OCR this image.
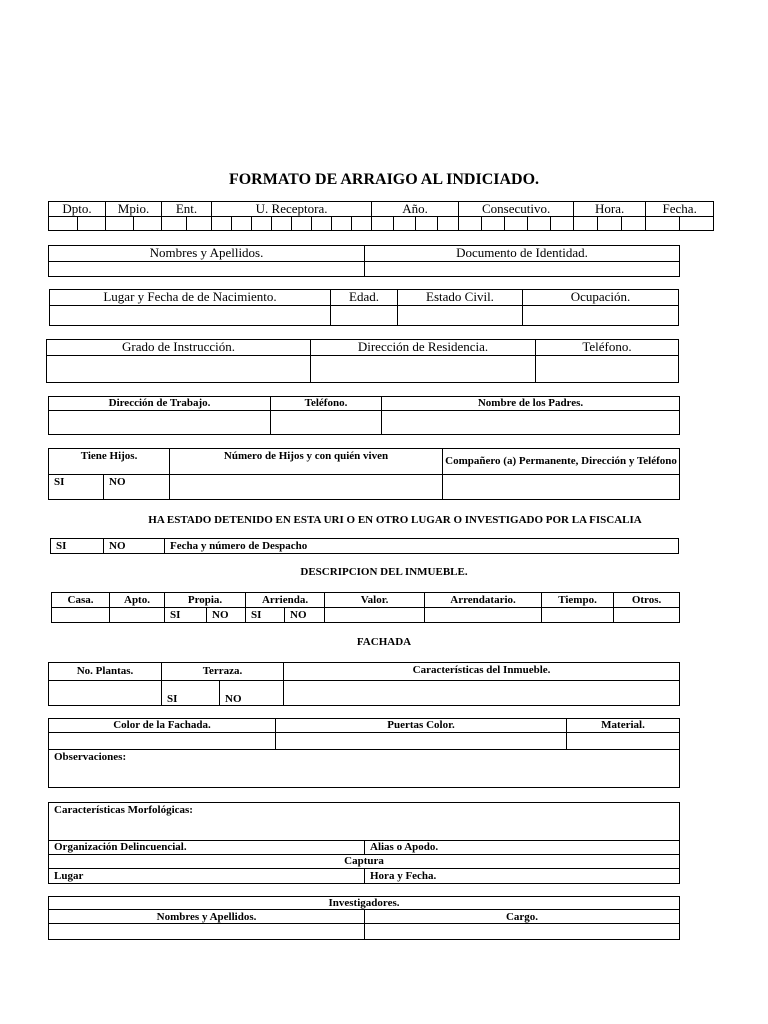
FORMATO DE ARRAIGO AL INDICIADO.
Dpto.		Mpio.		Ent.		U. Receptora.								Año.				Consecutivo.					Hora.			Fecha.	

Nombres y Apellidos.	Documento de Identidad.

Lugar y Fecha de de Nacimiento.	Edad.	Estado Civil.	Ocupación.

Grado de Instrucción.	Dirección de Residencia.	Teléfono.

Dirección de Trabajo.	Teléfono.	Nombre de los Padres.

Tiene Hijos.		Número de Hijos y con quién viven	Compañero (a) Permanente, Dirección y Teléfono
SI	NO		
HA ESTADO DETENIDO EN ESTA URI O EN OTRO LUGAR O INVESTIGADO POR LA FISCALIA
SI	NO	Fecha y número de Despacho
DESCRIPCION DEL INMUEBLE.
Casa.	Apto.	Propia.		Arrienda.		Valor.	Arrendatario.	Tiempo.	Otros.
		SI	NO	SI	NO				
FACHADA
No. Plantas.	Terraza.		Características del Inmueble.
	SI	NO	
Color de la Fachada.	Puertas Color.	Material.

Observaciones:		
Características Morfológicas:	
Organización Delincuencial.	Alias o Apodo.
Captura	
Lugar	Hora y Fecha.
Investigadores.	
Nombres y Apellidos.	Cargo.
